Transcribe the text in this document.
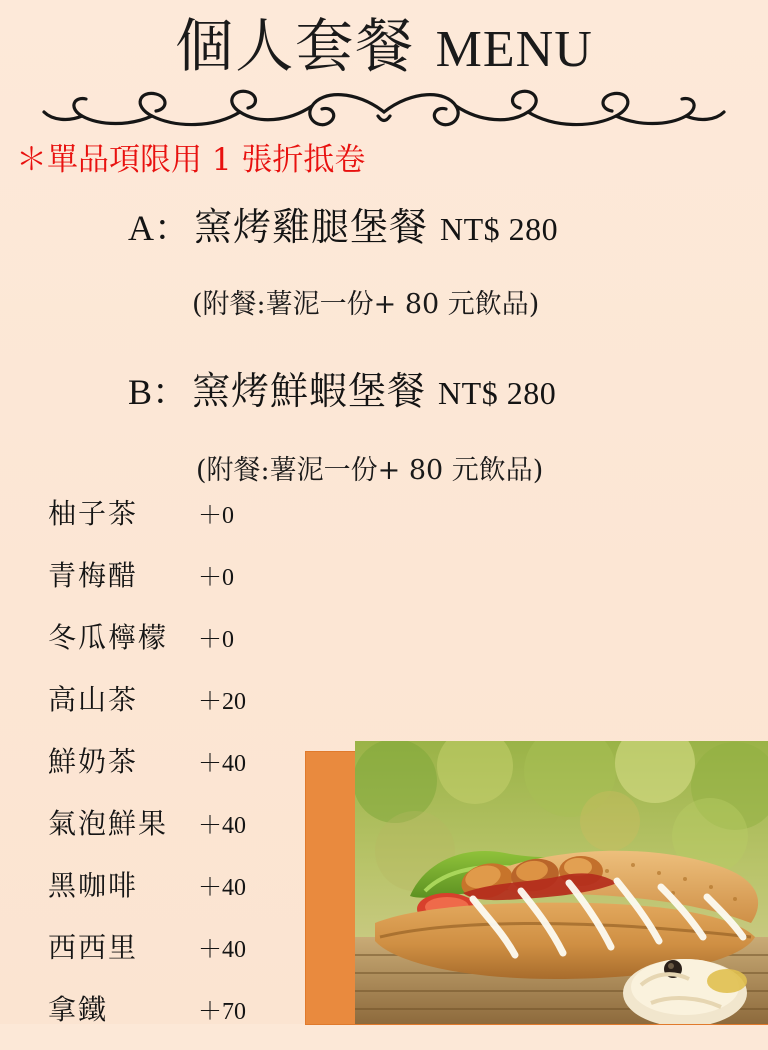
個人套餐 MENU
＊單品項限用 1 張折抵卷
A： 窯烤雞腿堡餐 NT$ 280
(附餐:薯泥一份+ 80 元飲品)
B： 窯烤鮮蝦堡餐 NT$ 280
(附餐:薯泥一份+ 80 元飲品)
柚子茶	＋0
青梅醋	＋0
冬瓜檸檬	＋0
高山茶	＋20
鮮奶茶	＋40
氣泡鮮果	＋40
黑咖啡	＋40
西西里	＋40
拿鐵	＋70
